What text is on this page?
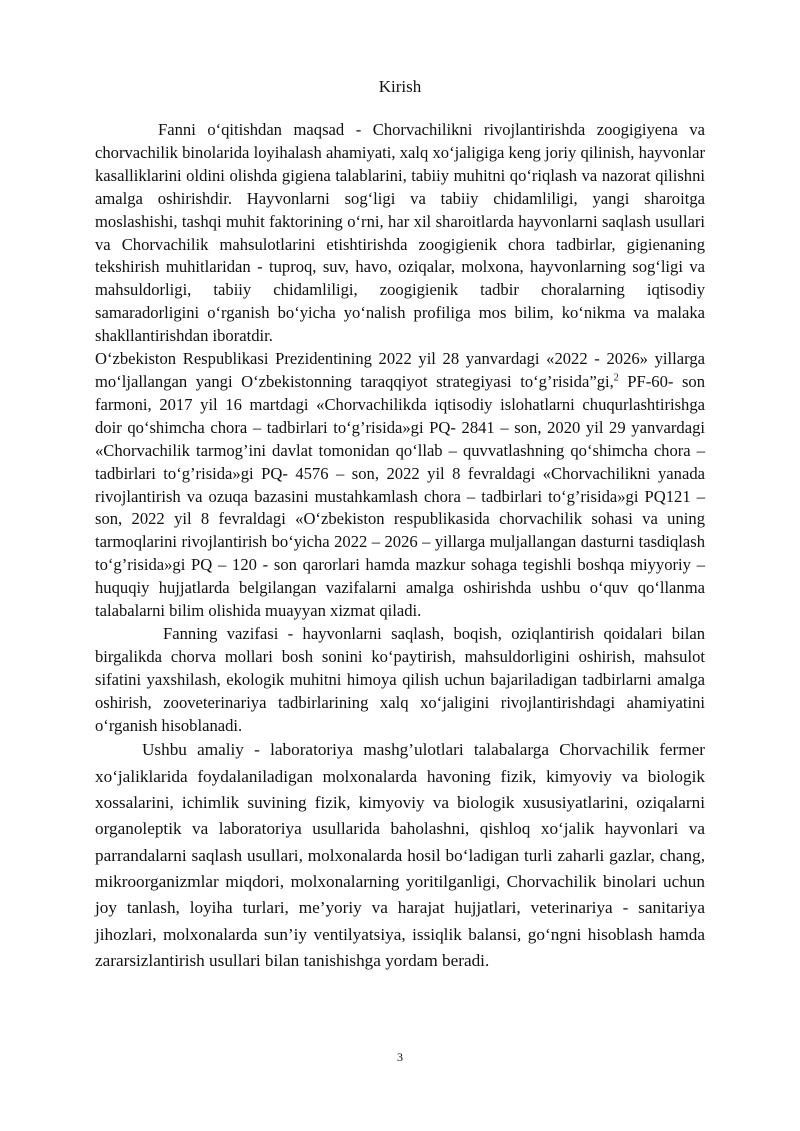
Kirish

Fanni o‘qitishdan maqsad - Chorvachilikni rivojlantirishda zoogigiyena va chorvachilik binolarida loyihalash ahamiyati, xalq xo‘jaligiga keng joriy qilinish, hayvonlar kasalliklarini oldini olishda gigiena talablarini, tabiiy muhitni qo‘riqlash va nazorat qilishni amalga oshirishdir. Hayvonlarni sog‘ligi va tabiiy chidamliligi, yangi sharoitga moslashishi, tashqi muhit faktorining o‘rni, har xil sharoitlarda hayvonlarni saqlash usullari va Chorvachilik mahsulotlarini etishtirishda zoogigienik chora tadbirlar, gigienaning tekshirish muhitlaridan - tuproq, suv, havo, oziqalar, molxona, hayvonlarning sog‘ligi va mahsuldorligi, tabiiy chidamliligi, zoogigienik tadbir choralarning iqtisodiy samaradorligini o‘rganish bo‘yicha yo‘nalish profiliga mos bilim, ko‘nikma va malaka shakllantirishdan iboratdir.

O‘zbekiston Respublikasi Prezidentining 2022 yil 28 yanvardagi «2022 - 2026» yillarga mo‘ljallangan yangi O‘zbekistonning taraqqiyot strategiyasi to‘g’risida”gi,$^2$ PF-60- son farmoni, 2017 yil 16 martdagi «Chorvachilikda iqtisodiy islohatlarni chuqurlashtirishga doir qo‘shimcha chora – tadbirlari to‘g’risida»gi PQ- 2841 – son, 2020 yil 29 yanvardagi «Chorvachilik tarmog’ini davlat tomonidan qo‘llab – quvvatlashning qo‘shimcha chora – tadbirlari to‘g’risida»gi PQ- 4576 – son, 2022 yil 8 fevraldagi «Chorvachilikni yanada rivojlantirish va ozuqa bazasini mustahkamlash chora – tadbirlari to‘g’risida»gi PQ121 – son, 2022 yil 8 fevraldagi «O‘zbekiston respublikasida chorvachilik sohasi va uning tarmoqlarini rivojlantirish bo‘yicha 2022 – 2026 – yillarga muljallangan dasturni tasdiqlash to‘g’risida»gi PQ – 120 - son qarorlari hamda mazkur sohaga tegishli boshqa miyyoriy – huquqiy hujjatlarda belgilangan vazifalarni amalga oshirishda ushbu o‘quv qo‘llanma talabalarni bilim olishida muayyan xizmat qiladi.

Fanning vazifasi - hayvonlarni saqlash, boqish, oziqlantirish qoidalari bilan birgalikda chorva mollari bosh sonini ko‘paytirish, mahsuldorligini oshirish, mahsulot sifatini yaxshilash, ekologik muhitni himoya qilish uchun bajariladigan tadbirlarni amalga oshirish, zooveterinariya tadbirlarining xalq xo‘jaligini rivojlantirishdagi ahamiyatini o‘rganish hisoblanadi.

Ushbu amaliy - laboratoriya mashg’ulotlari talabalarga Chorvachilik fermer xo‘jaliklarida foydalaniladigan molxonalarda havoning fizik, kimyoviy va biologik xossalarini, ichimlik suvining fizik, kimyoviy va biologik xususiyatlarini, oziqalarni organoleptik va laboratoriya usullarida baholashni, qishloq xo‘jalik hayvonlari va parrandalarni saqlash usullari, molxonalarda hosil bo‘ladigan turli zaharli gazlar, chang, mikroorganizmlar miqdori, molxonalarning yoritilganligi, Chorvachilik binolari uchun joy tanlash, loyiha turlari, me’yoriy va harajat hujjatlari, veterinariya - sanitariya jihozlari, molxonalarda sun’iy ventilyatsiya, issiqlik balansi, go‘ngni hisoblash hamda zararsizlantirish usullari bilan tanishishga yordam beradi.

3
